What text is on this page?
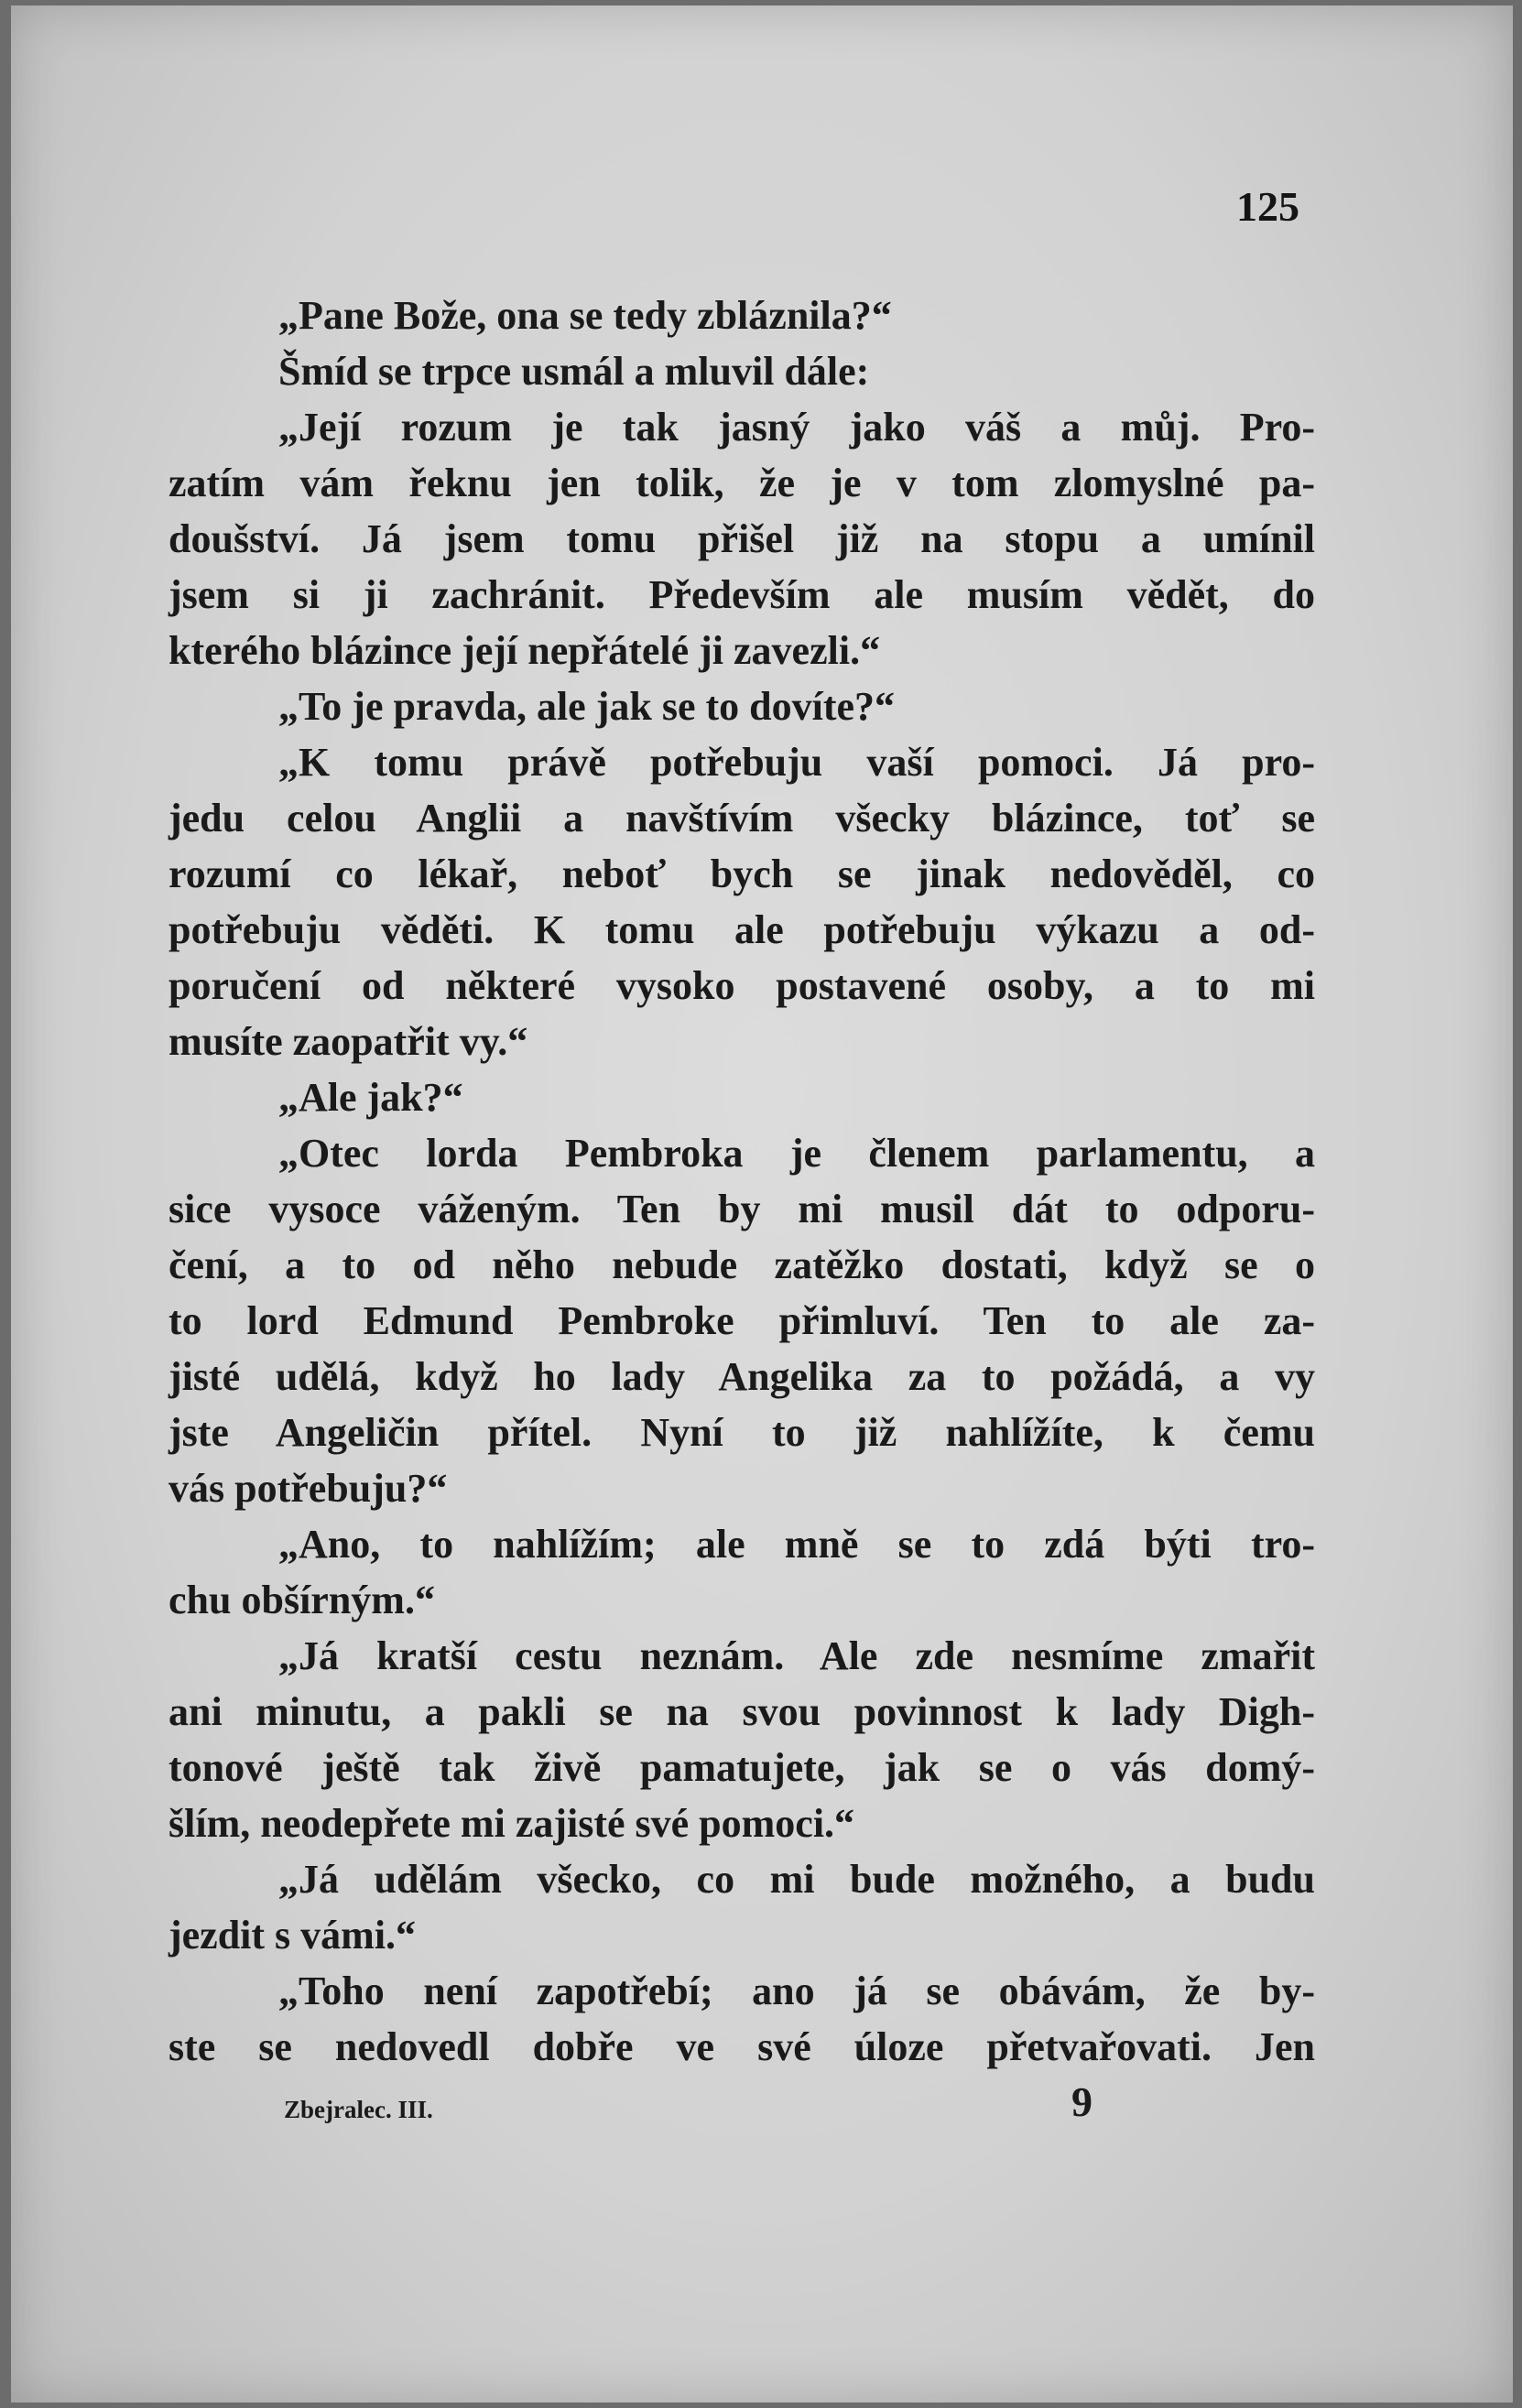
125

„Pane Bože, ona se tedy zbláznila?“

Šmíd se trpce usmál a mluvil dále:

„Její rozum je tak jasný jako váš a můj. Pro-

zatím vám řeknu jen tolik, že je v tom zlomyslné pa-

doušství. Já jsem tomu přišel již na stopu a umínil

jsem si ji zachránit. Především ale musím vědět, do

kterého blázince její nepřátelé ji zavezli.“

„To je pravda, ale jak se to dovíte?“

„K tomu právě potřebuju vaší pomoci. Já pro-

jedu celou Anglii a navštívím všecky blázince, toť se

rozumí co lékař, neboť bych se jinak nedověděl, co

potřebuju věděti. K tomu ale potřebuju výkazu a od-

poručení od některé vysoko postavené osoby, a to mi

musíte zaopatřit vy.“

„Ale jak?“

„Otec lorda Pembroka je členem parlamentu, a

sice vysoce váženým. Ten by mi musil dát to odporu-

čení, a to od něho nebude zatěžko dostati, když se o

to lord Edmund Pembroke přimluví. Ten to ale za-

jisté udělá, když ho lady Angelika za to požádá, a vy

jste Angeličin přítel. Nyní to již nahlížíte, k čemu

vás potřebuju?“

„Ano, to nahlížím; ale mně se to zdá býti tro-

chu obšírným.“

„Já kratší cestu neznám. Ale zde nesmíme zmařit

ani minutu, a pakli se na svou povinnost k lady Digh-

tonové ještě tak živě pamatujete, jak se o vás domý-

šlím, neodepřete mi zajisté své pomoci.“

„Já udělám všecko, co mi bude možného, a budu

jezdit s vámi.“

„Toho není zapotřebí; ano já se obávám, že by-

ste se nedovedl dobře ve své úloze přetvařovati. Jen

Zbejralec. III.	9
